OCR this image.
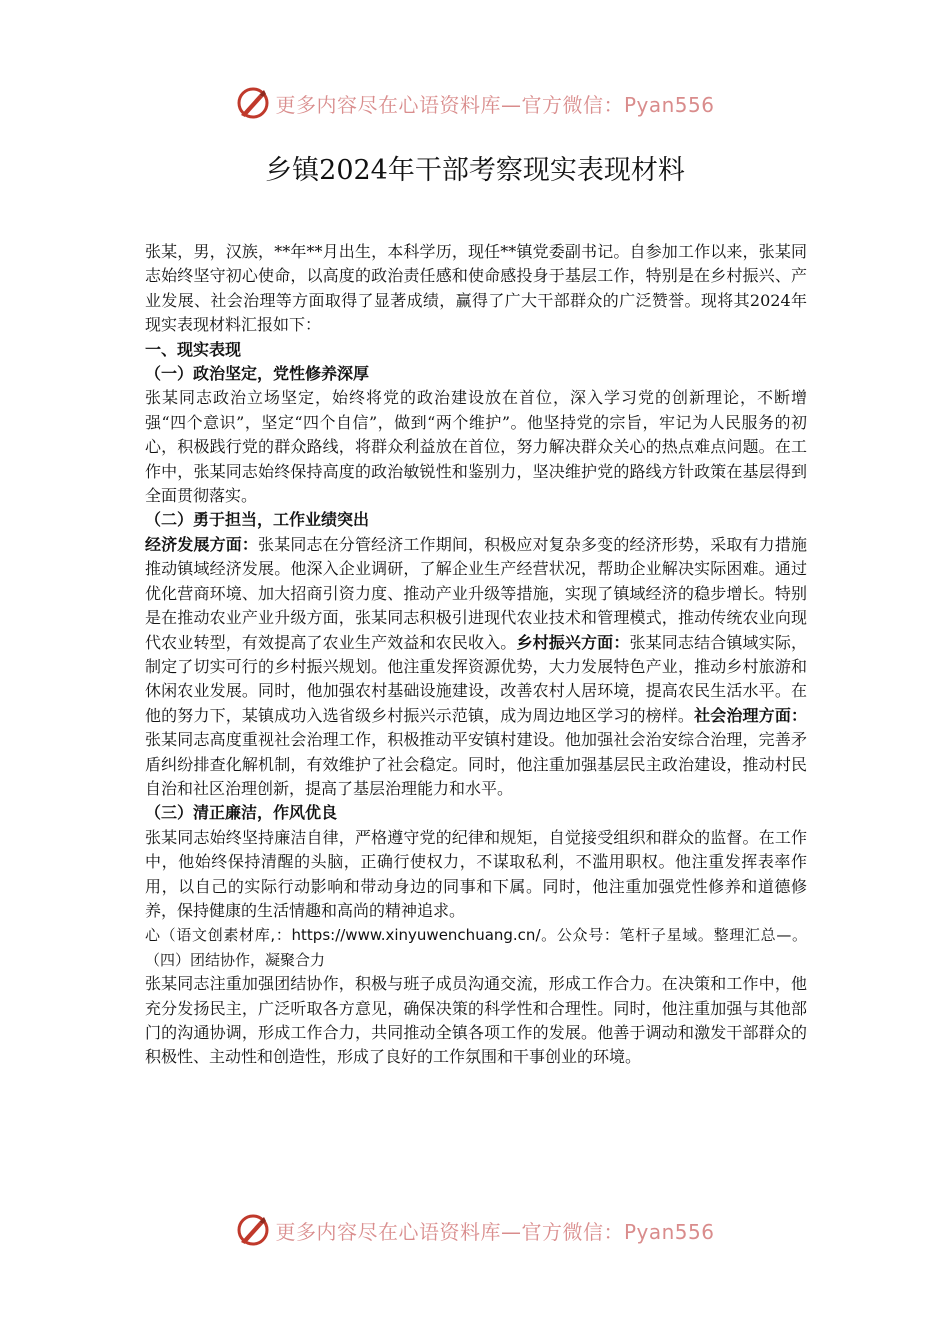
更多内容尽在心语资料库—官方微信：Pyan556
乡镇2024年干部考察现实表现材料

张某，男，汉族，**年**月出生，本科学历，现任**镇党委副书记。自参加工作以来，张某同志始终坚守初心使命，以高度的政治责任感和使命感投身于基层工作，特别是在乡村振兴、产业发展、社会治理等方面取得了显著成绩，赢得了广大干部群众的广泛赞誉。现将其2024年现实表现材料汇报如下：

一、现实表现

（一）政治坚定，党性修养深厚

张某同志政治立场坚定，始终将党的政治建设放在首位，深入学习党的创新理论，不断增强“四个意识”，坚定“四个自信”，做到“两个维护”。他坚持党的宗旨，牢记为人民服务的初心，积极践行党的群众路线，将群众利益放在首位，努力解决群众关心的热点难点问题。在工作中，张某同志始终保持高度的政治敏锐性和鉴别力，坚决维护党的路线方针政策在基层得到全面贯彻落实。

（二）勇于担当，工作业绩突出

经济发展方面：张某同志在分管经济工作期间，积极应对复杂多变的经济形势，采取有力措施推动镇域经济发展。他深入企业调研，了解企业生产经营状况，帮助企业解决实际困难。通过优化营商环境、加大招商引资力度、推动产业升级等措施，实现了镇域经济的稳步增长。特别是在推动农业产业升级方面，张某同志积极引进现代农业技术和管理模式，推动传统农业向现代农业转型，有效提高了农业生产效益和农民收入。乡村振兴方面：张某同志结合镇域实际，制定了切实可行的乡村振兴规划。他注重发挥资源优势，大力发展特色产业，推动乡村旅游和休闲农业发展。同时，他加强农村基础设施建设，改善农村人居环境，提高农民生活水平。在他的努力下，某镇成功入选省级乡村振兴示范镇，成为周边地区学习的榜样。社会治理方面：张某同志高度重视社会治理工作，积极推动平安镇村建设。他加强社会治安综合治理，完善矛盾纠纷排查化解机制，有效维护了社会稳定。同时，他注重加强基层民主政治建设，推动村民自治和社区治理创新，提高了基层治理能力和水平。

（三）清正廉洁，作风优良

张某同志始终坚持廉洁自律，严格遵守党的纪律和规矩，自觉接受组织和群众的监督。在工作中，他始终保持清醒的头脑，正确行使权力，不谋取私利，不滥用职权。他注重发挥表率作用，以自己的实际行动影响和带动身边的同事和下属。同时，他注重加强党性修养和道德修养，保持健康的生活情趣和高尚的精神追求。

心（语文创素材库,：https://www.xinyuwenchuang.cn/。公众号：笔杆子星域。整理汇总—。（四）团结协作，凝聚合力

张某同志注重加强团结协作，积极与班子成员沟通交流，形成工作合力。在决策和工作中，他充分发扬民主，广泛听取各方意见，确保决策的科学性和合理性。同时，他注重加强与其他部门的沟通协调，形成工作合力，共同推动全镇各项工作的发展。他善于调动和激发干部群众的积极性、主动性和创造性，形成了良好的工作氛围和干事创业的环境。

更多内容尽在心语资料库—官方微信：Pyan556
